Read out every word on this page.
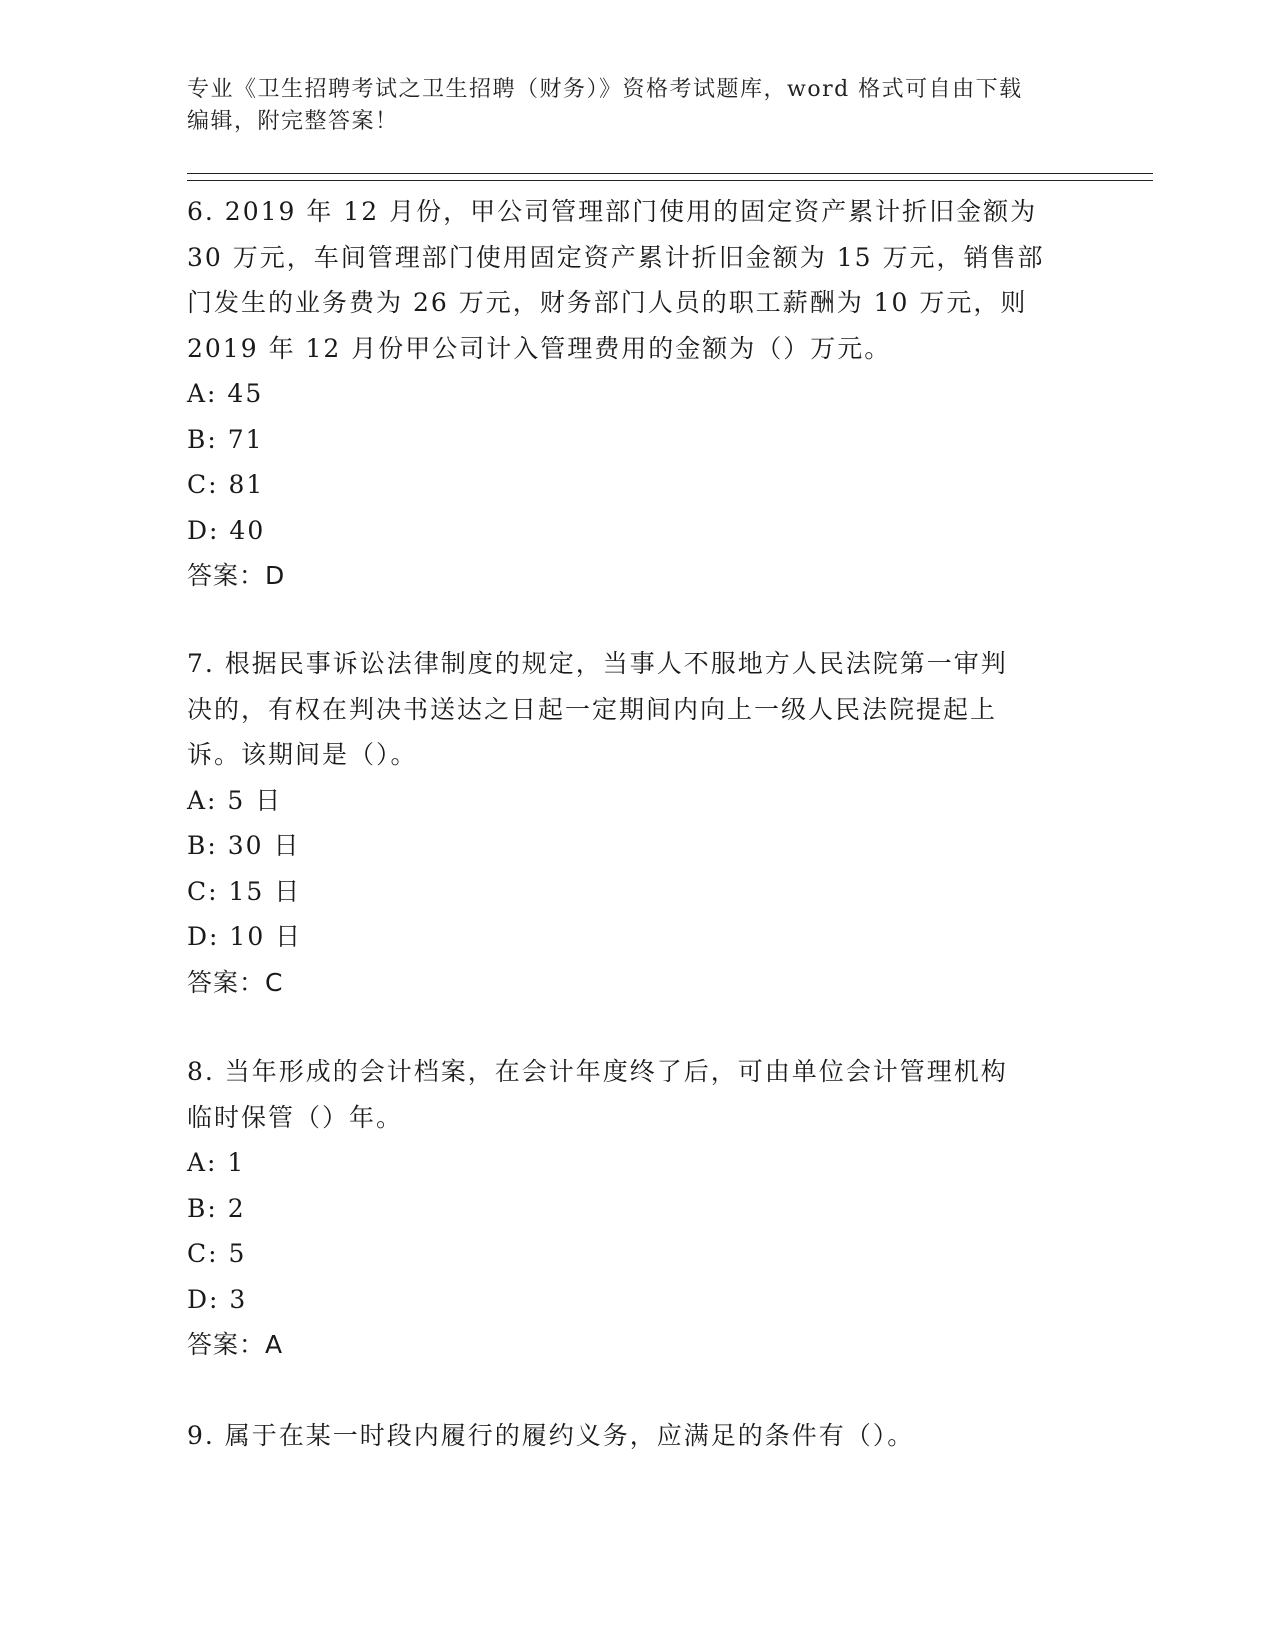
专业《卫生招聘考试之卫生招聘（财务）》资格考试题库，word 格式可自由下载
编辑，附完整答案！

6. 2019 年 12 月份，甲公司管理部门使用的固定资产累计折旧金额为

30 万元，车间管理部门使用固定资产累计折旧金额为 15 万元，销售部

门发生的业务费为 26 万元，财务部门人员的职工薪酬为 10 万元，则

2019 年 12 月份甲公司计入管理费用的金额为（）万元。

A: 45

B: 71

C: 81

D: 40

答案：D

7. 根据民事诉讼法律制度的规定，当事人不服地方人民法院第一审判

决的，有权在判决书送达之日起一定期间内向上一级人民法院提起上

诉。该期间是（）。

A: 5 日

B: 30 日

C: 15 日

D: 10 日

答案：C

8. 当年形成的会计档案，在会计年度终了后，可由单位会计管理机构

临时保管（）年。

A: 1

B: 2

C: 5

D: 3

答案：A

9. 属于在某一时段内履行的履约义务，应满足的条件有（）。
